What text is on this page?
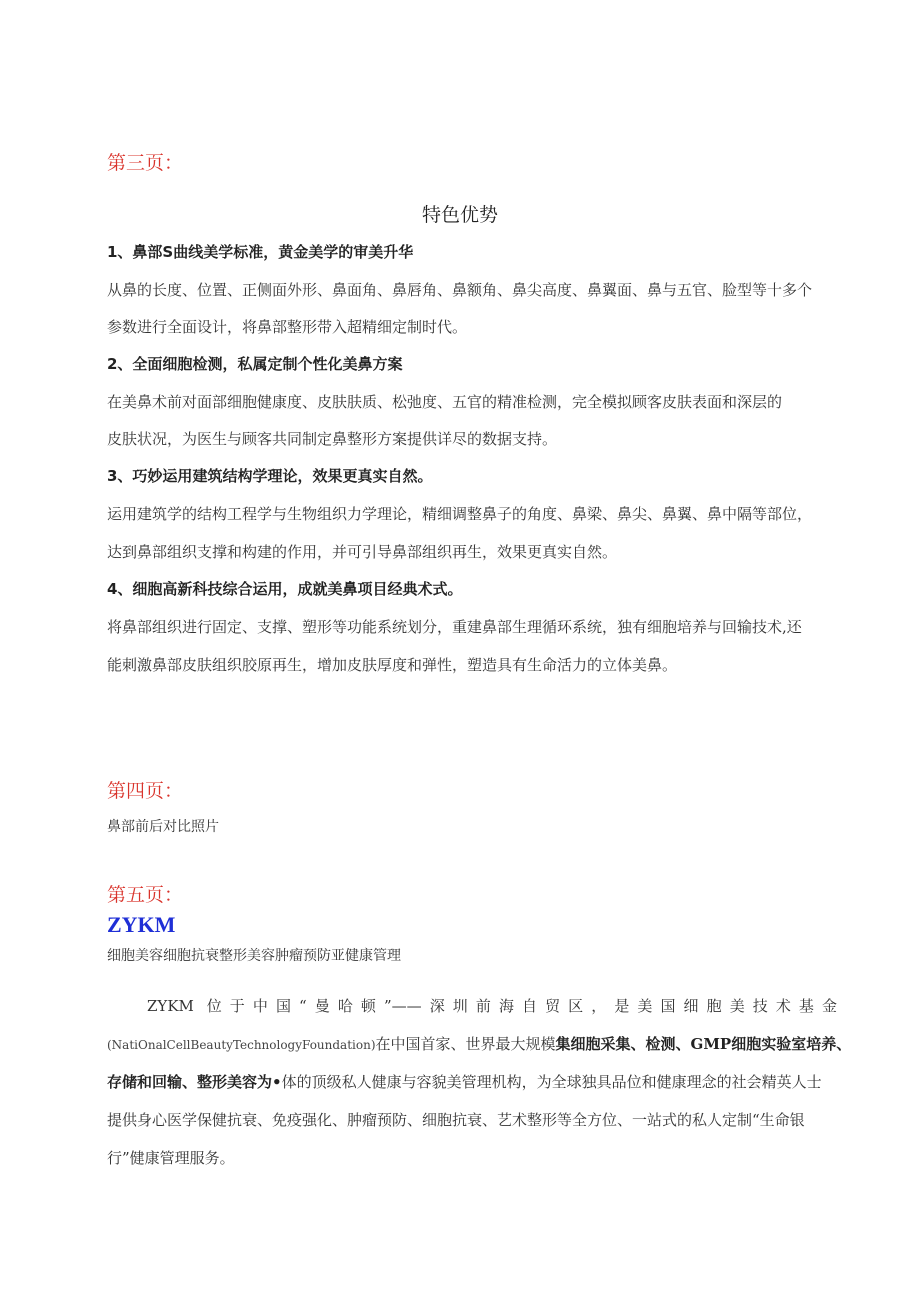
第三页：
特色优势
1、鼻部S曲线美学标准，黄金美学的审美升华
从鼻的长度、位置、正侧面外形、鼻面角、鼻唇角、鼻额角、鼻尖高度、鼻翼面、鼻与五官、脸型等十多个
参数进行全面设计，将鼻部整形带入超精细定制时代。
2、全面细胞检测，私属定制个性化美鼻方案
在美鼻术前对面部细胞健康度、皮肤肤质、松弛度、五官的精准检测，完全模拟顾客皮肤表面和深层的
皮肤状况，为医生与顾客共同制定鼻整形方案提供详尽的数据支持。
3、巧妙运用建筑结构学理论，效果更真实自然。
运用建筑学的结构工程学与生物组织力学理论，精细调整鼻子的角度、鼻梁、鼻尖、鼻翼、鼻中隔等部位，
达到鼻部组织支撑和构建的作用，并可引导鼻部组织再生，效果更真实自然。
4、细胞高新科技综合运用，成就美鼻项目经典术式。
将鼻部组织进行固定、支撑、塑形等功能系统划分，重建鼻部生理循环系统，独有细胞培养与回输技术,还
能刺激鼻部皮肤组织胶原再生，增加皮肤厚度和弹性，塑造具有生命活力的立体美鼻。
第四页：
鼻部前后对比照片
第五页：
ZYKM
细胞美容细胞抗衰整形美容肿瘤预防亚健康管理
ZYKM 位于中国“曼哈顿”——深圳前海自贸区，是美国细胞美技术基金
(NatiOnalCellBeautyTechnologyFoundation)在中国首家、世界最大规模集细胞采集、检测、GMP细胞实验室培养、
存储和回输、整形美容为•体的顶级私人健康与容貌美管理机构，为全球独具品位和健康理念的社会精英人士
提供身心医学保健抗衰、免疫强化、肿瘤预防、细胞抗衰、艺术整形等全方位、一站式的私人定制“生命银
行”健康管理服务。
